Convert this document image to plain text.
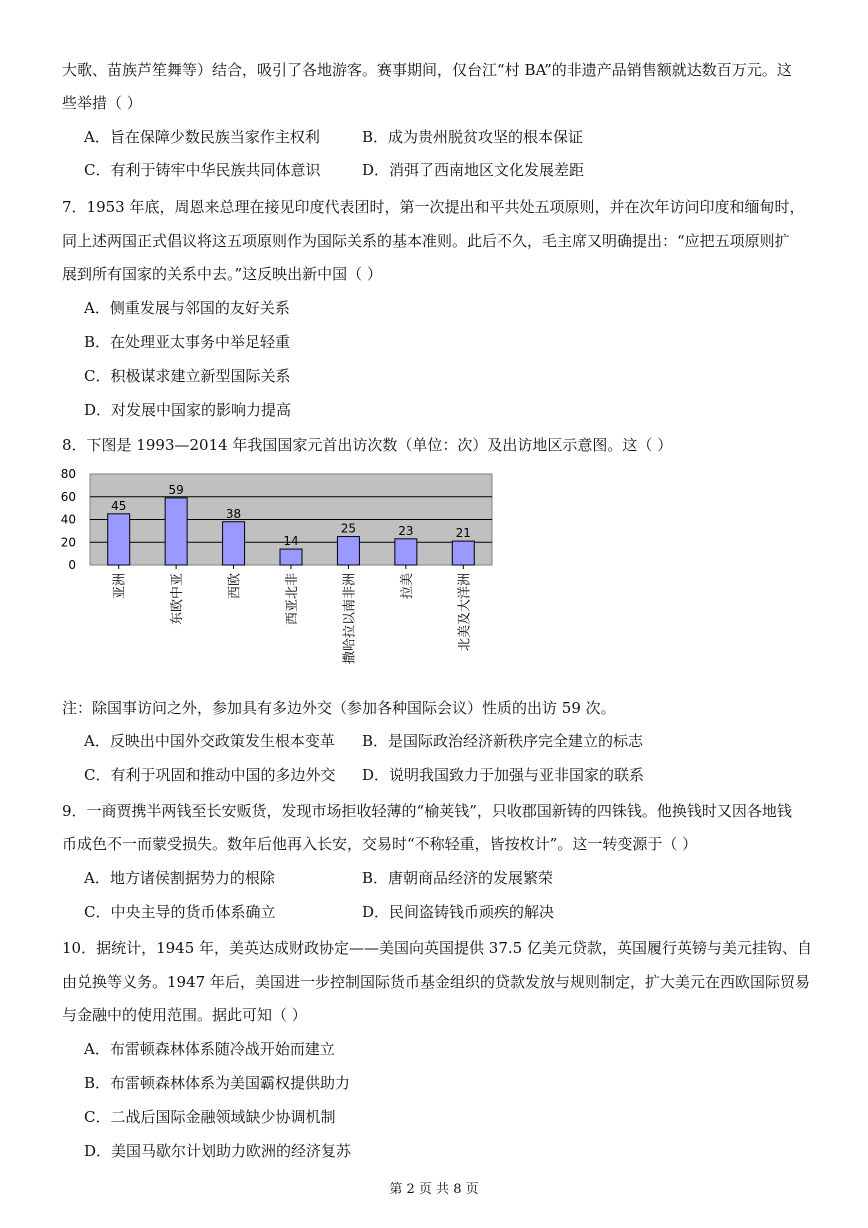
大歌、苗族芦笙舞等）结合，吸引了各地游客。赛事期间，仅台江“村 BA”的非遗产品销售额就达数百万元。这
些举措（ ）
A．旨在保障少数民族当家作主权利	B．成为贵州脱贫攻坚的根本保证
C．有利于铸牢中华民族共同体意识	D．消弭了西南地区文化发展差距
7．1953 年底，周恩来总理在接见印度代表团时，第一次提出和平共处五项原则，并在次年访问印度和缅甸时，
同上述两国正式倡议将这五项原则作为国际关系的基本准则。此后不久，毛主席又明确提出：“应把五项原则扩
展到所有国家的关系中去。”这反映出新中国（ ）
A．侧重发展与邻国的友好关系
B．在处理亚太事务中举足轻重
C．积极谋求建立新型国际关系
D．对发展中国家的影响力提高
8．下图是 1993—2014 年我国国家元首出访次数（单位：次）及出访地区示意图。这（ ）
80
60
40
20
0
45
59
38
14
25	23	21
亚洲	东欧中亚	西欧	西亚北非	撒哈拉以南非洲	拉美	北美及大洋洲
注：除国事访问之外，参加具有多边外交（参加各种国际会议）性质的出访 59 次。
A．反映出中国外交政策发生根本变革 B．是国际政治经济新秩序完全建立的标志
C．有利于巩固和推动中国的多边外交 D．说明我国致力于加强与亚非国家的联系
9．一商贾携半两钱至长安贩货，发现市场拒收轻薄的“榆荚钱”，只收郡国新铸的四铢钱。他换钱时又因各地钱
币成色不一而蒙受损失。数年后他再入长安，交易时“不称轻重，皆按枚计”。这一转变源于（ ）
A．地方诸侯割据势力的根除	B．唐朝商品经济的发展繁荣
C．中央主导的货币体系确立	D．民间盗铸钱币顽疾的解决
10．据统计，1945 年，美英达成财政协定——美国向英国提供 37.5 亿美元贷款，英国履行英镑与美元挂钩、自
由兑换等义务。1947 年后，美国进一步控制国际货币基金组织的贷款发放与规则制定，扩大美元在西欧国际贸易
与金融中的使用范围。据此可知（ ）
A．布雷顿森林体系随冷战开始而建立
B．布雷顿森林体系为美国霸权提供助力
C．二战后国际金融领域缺少协调机制
D．美国马歇尔计划助力欧洲的经济复苏
第 2 页 共 8 页
